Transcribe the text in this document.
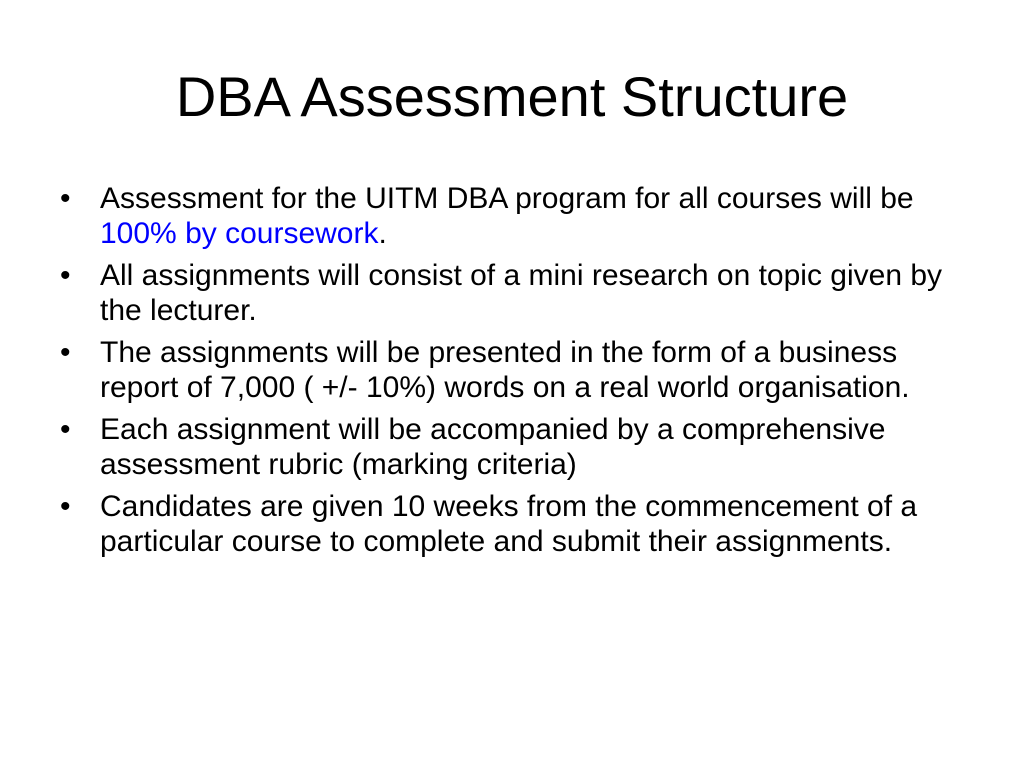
DBA Assessment Structure
• Assessment for the UITM DBA program for all courses will be 100% by coursework.
• All assignments will consist of a mini research on topic given by the lecturer.
• The assignments will be presented in the form of a business report of 7,000 ( +/- 10%) words on a real world organisation.
• Each assignment will be accompanied by a comprehensive assessment rubric (marking criteria)
• Candidates are given 10 weeks from the commencement of a particular course to complete and submit their assignments.
